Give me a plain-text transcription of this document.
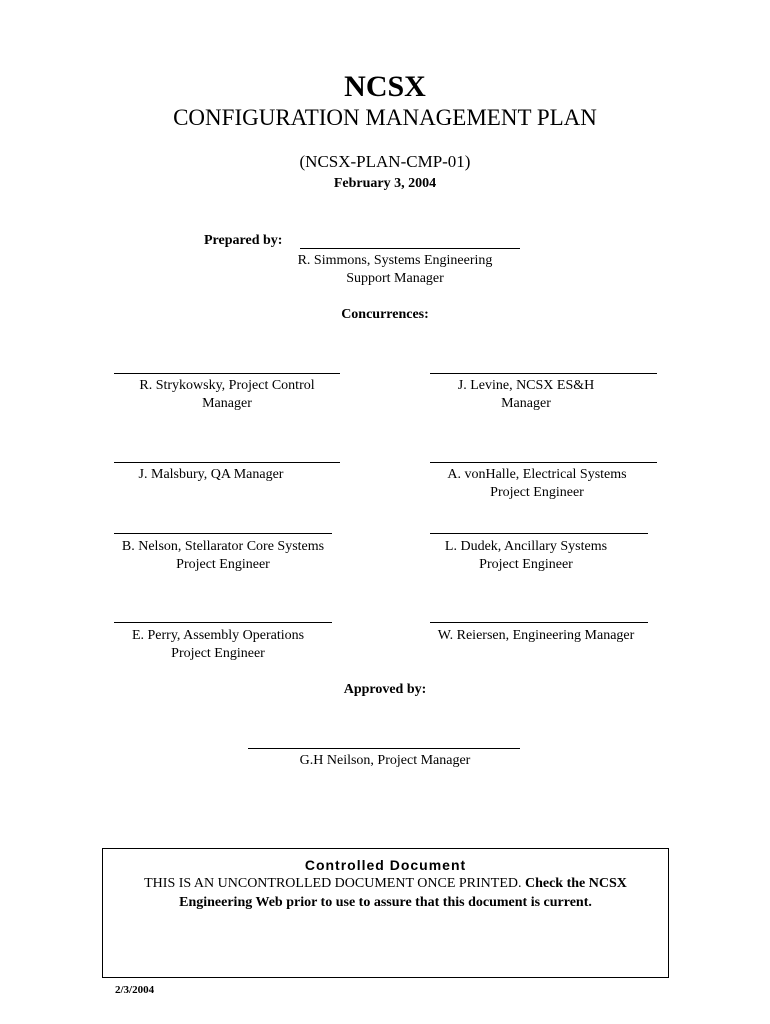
NCSX
CONFIGURATION MANAGEMENT PLAN
(NCSX-PLAN-CMP-01)
February 3, 2004
Prepared by:
R. Simmons, Systems Engineering
Support Manager
Concurrences:
R. Strykowsky, Project Control
Manager
J. Levine, NCSX ES&H
Manager
J. Malsbury, QA Manager	A. vonHalle, Electrical Systems
Project Engineer
B. Nelson, Stellarator Core Systems
Project Engineer
L. Dudek, Ancillary Systems
Project Engineer
E. Perry, Assembly Operations
Project Engineer
W. Reiersen, Engineering Manager
Approved by:
G.H Neilson, Project Manager
Controlled Document
THIS IS AN UNCONTROLLED DOCUMENT ONCE PRINTED. Check the NCSX Engineering Web prior to use to assure that this document is current.
2/3/2004
